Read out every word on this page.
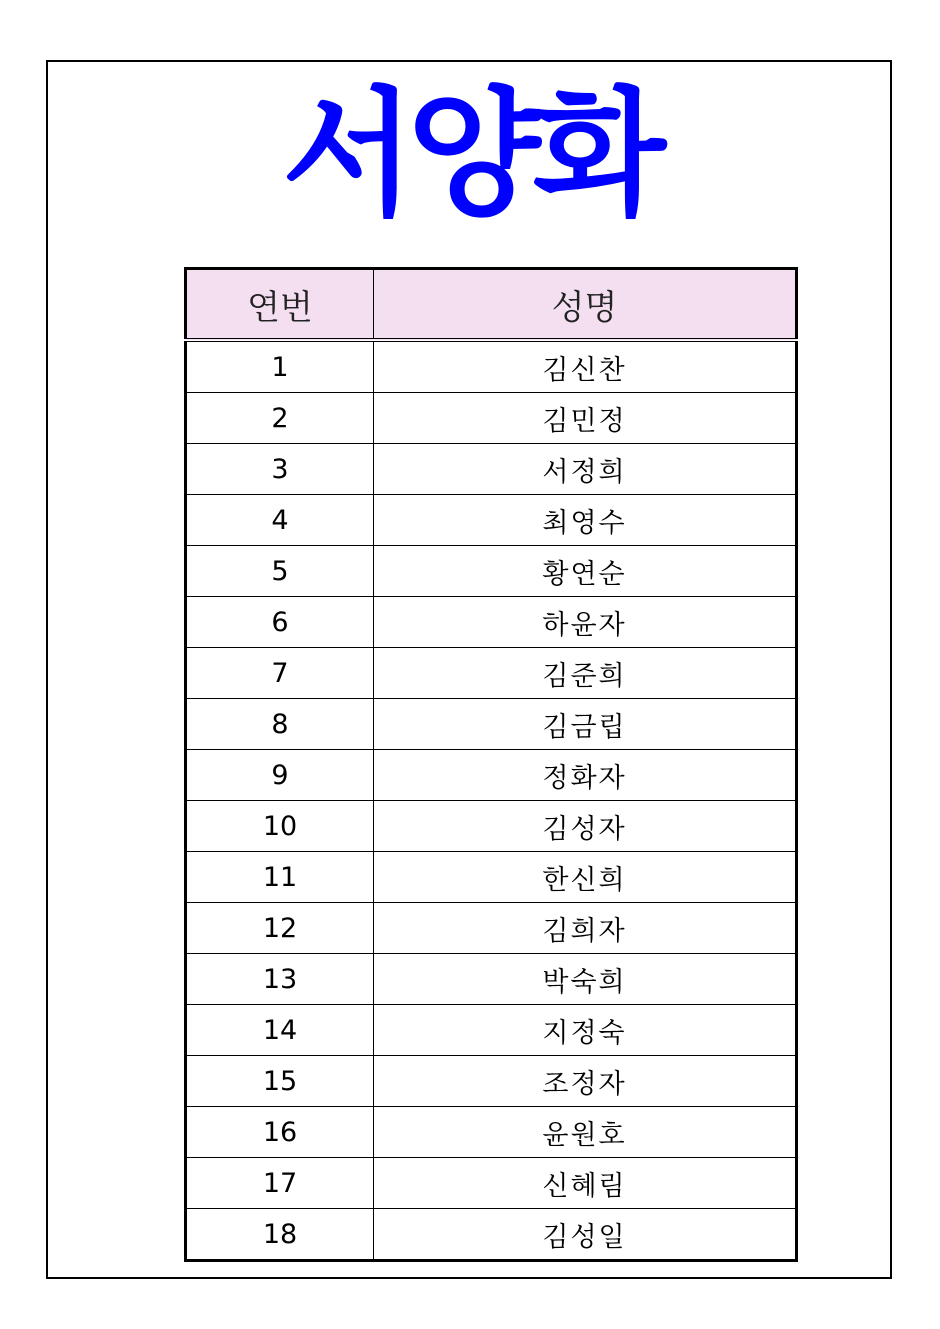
서양화
연번	성명
1	김신찬
2	김민정
3	서정희
4	최영수
5	황연순
6	하윤자
7	김준희
8	김금립
9	정화자
10	김성자
11	한신희
12	김희자
13	박숙희
14	지정숙
15	조정자
16	윤원호
17	신혜림
18	김성일
